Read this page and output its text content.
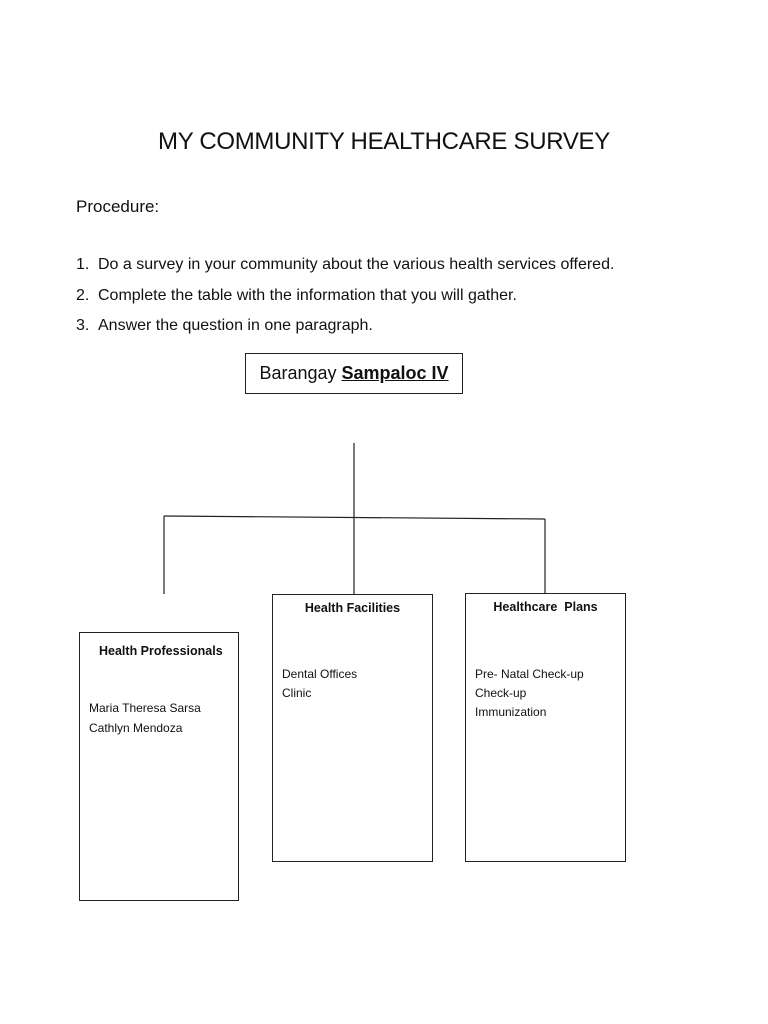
MY COMMUNITY HEALTHCARE SURVEY

Procedure:

1. Do a survey in your community about the various health services offered.
2. Complete the table with the information that you will gather.
3. Answer the question in one paragraph.
Barangay Sampaloc IV
Health Professionals
Maria Theresa Sarsa
Cathlyn Mendoza
Health Facilities
Dental Offices
Clinic
Healthcare  Plans
Pre- Natal Check-up
Check-up
Immunization
